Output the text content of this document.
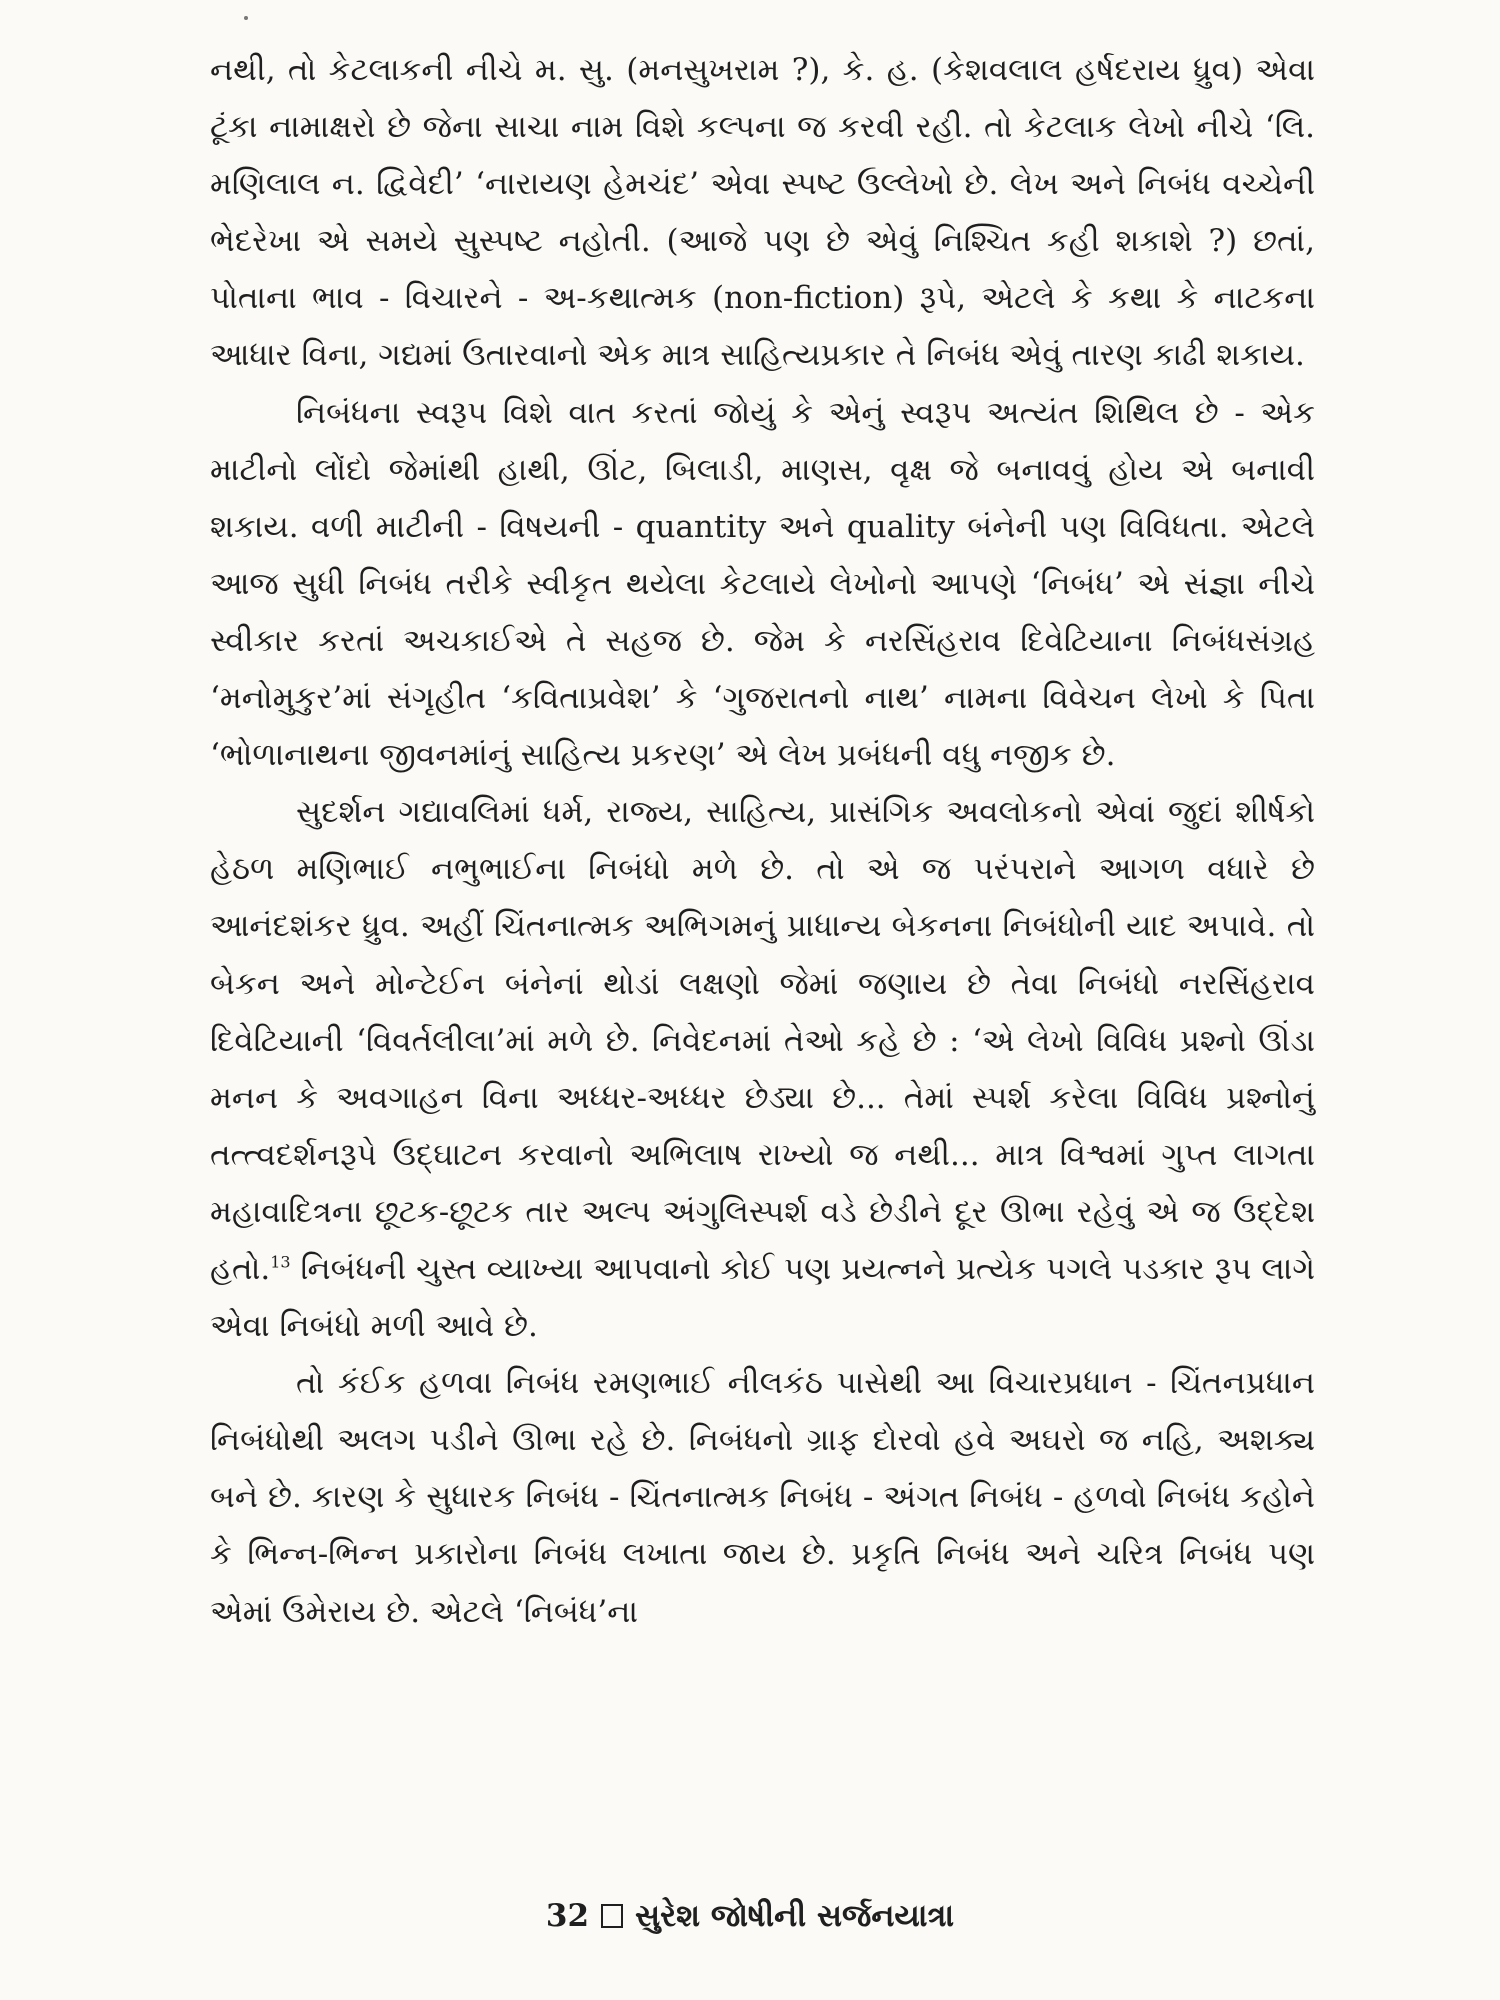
નથી, તો કેટલાકની નીચે મ. સુ. (મનસુખરામ ?), કે. હ. (કેશવલાલ હર્ષદરાય ધ્રુવ) એવા ટૂંકા નામાક્ષરો છે જેના સાચા નામ વિશે કલ્પના જ કરવી રહી. તો કેટલાક લેખો નીચે ‘લિ. મણિલાલ ન. દ્વિવેદી’ ‘નારાયણ હેમચંદ’ એવા સ્પષ્ટ ઉલ્લેખો છે. લેખ અને નિબંધ વચ્ચેની ભેદરેખા એ સમયે સુસ્પષ્ટ નહોતી. (આજે પણ છે એવું નિશ્ચિત કહી શકાશે ?) છતાં, પોતાના ભાવ - વિચારને - અ-કથાત્મક (non-fiction) રૂપે, એટલે કે કથા કે નાટકના આધાર વિના, ગદ્યમાં ઉતારવાનો એક માત્ર સાહિત્યપ્રકાર તે નિબંધ એવું તારણ કાઢી શકાય.

નિબંધના સ્વરૂપ વિશે વાત કરતાં જોયું કે એનું સ્વરૂપ અત્યંત શિથિલ છે - એક માટીનો લોંદો જેમાંથી હાથી, ઊંટ, બિલાડી, માણસ, વૃક્ષ જે બનાવવું હોય એ બનાવી શકાય. વળી માટીની - વિષયની - quantity અને quality બંનેની પણ વિવિધતા. એટલે આજ સુધી નિબંધ તરીકે સ્વીકૃત થયેલા કેટલાયે લેખોનો આપણે ‘નિબંધ’ એ સંજ્ઞા નીચે સ્વીકાર કરતાં અચકાઈએ તે સહજ છે. જેમ કે નરસિંહરાવ દિવેટિયાના નિબંધસંગ્રહ ‘મનોમુકુર’માં સંગૃહીત ‘કવિતાપ્રવેશ’ કે ‘ગુજરાતનો નાથ’ નામના વિવેચન લેખો કે પિતા ‘ભોળાનાથના જીવનમાંનું સાહિત્ય પ્રકરણ’ એ લેખ પ્રબંધની વધુ નજીક છે.

સુદર્શન ગદ્યાવલિમાં ધર્મ, રાજ્ય, સાહિત્ય, પ્રાસંગિક અવલોકનો એવાં જુદાં શીર્ષકો હેઠળ મણિભાઈ નભુભાઈના નિબંધો મળે છે. તો એ જ પરંપરાને આગળ વધારે છે આનંદશંકર ધ્રુવ. અહીં ચિંતનાત્મક અભિગમનું પ્રાધાન્ય બેકનના નિબંધોની યાદ અપાવે. તો બેકન અને મોન્ટેઈન બંનેનાં થોડાં લક્ષણો જેમાં જણાય છે તેવા નિબંધો નરસિંહરાવ દિવેટિયાની ‘વિવર્તલીલા’માં મળે છે. નિવેદનમાં તેઓ કહે છે : ‘એ લેખો વિવિધ પ્રશ્નો ઊંડા મનન કે અવગાહન વિના અધ્ધર-અધ્ધર છેડ્યા છે... તેમાં સ્પર્શ કરેલા વિવિધ પ્રશ્નોનું તત્ત્વદર્શનરૂપે ઉદ્‌ઘાટન કરવાનો અભિલાષ રાખ્યો જ નથી... માત્ર વિશ્વમાં ગુપ્ત લાગતા મહાવાદિત્રના છૂટક-છૂટક તાર અલ્પ અંગુલિસ્પર્શ વડે છેડીને દૂર ઊભા રહેવું એ જ ઉદ્દેશ હતો.$^{13}$ નિબંધની ચુસ્ત વ્યાખ્યા આપવાનો કોઈ પણ પ્રયત્નને પ્રત્યેક પગલે પડકાર રૂપ લાગે એવા નિબંધો મળી આવે છે.

તો કંઈક હળવા નિબંધ રમણભાઈ નીલકંઠ પાસેથી આ વિચારપ્રધાન - ચિંતનપ્રધાન નિબંધોથી અલગ પડીને ઊભા રહે છે. નિબંધનો ગ્રાફ દોરવો હવે અઘરો જ નહિ, અશક્ય બને છે. કારણ કે સુધારક નિબંધ - ચિંતનાત્મક નિબંધ - અંગત નિબંધ - હળવો નિબંધ કહોને કે ભિન્ન-ભિન્ન પ્રકારોના નિબંધ લખાતા જાય છે. પ્રકૃતિ નિબંધ અને ચરિત્ર નિબંધ પણ એમાં ઉમેરાય છે. એટલે ‘નિબંધ’ના

32 સુરેશ જોષીની સર્જનયાત્રા
